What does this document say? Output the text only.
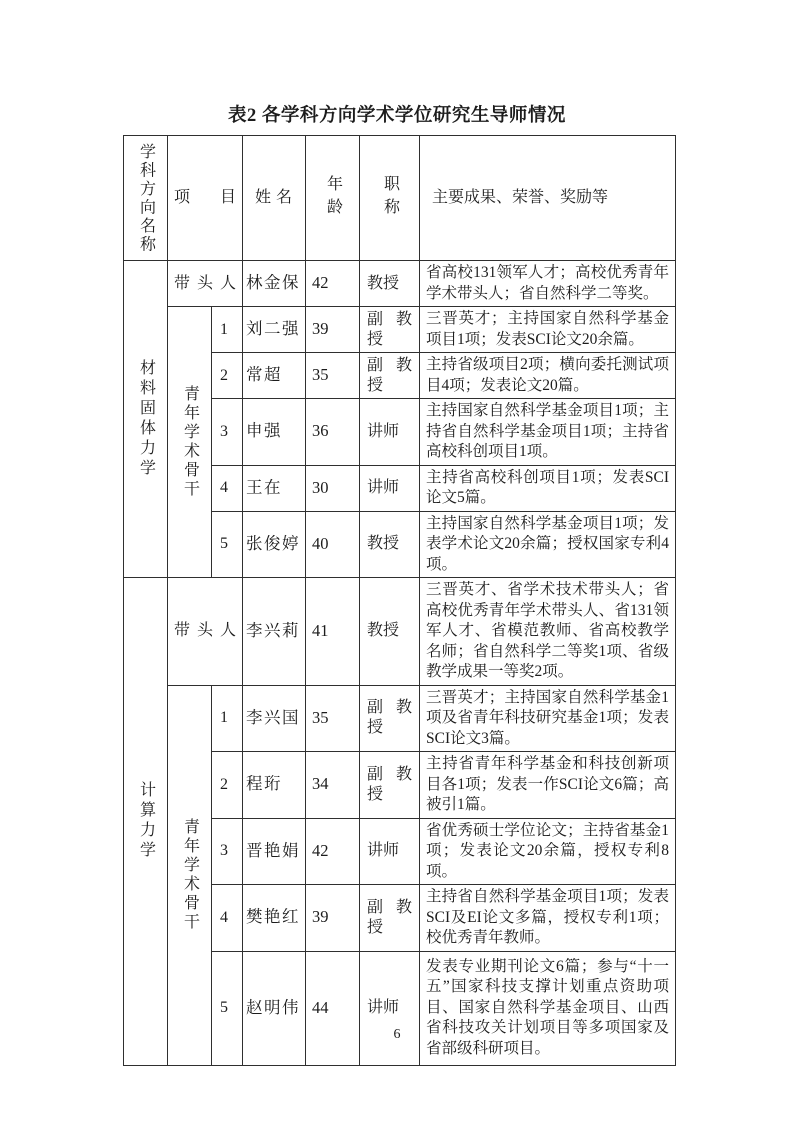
表2 各学科方向学术学位研究生导师情况
学科方向名称 项目 姓名 年龄	职称 主要成果、荣誉、奖励等
材料固体力学
带头人 林金保 42 教授
省高校131领军人才；高校优秀青年学术带头人；省自然科学二等奖。
青年学术骨干
1 刘二强 39
副教授
三晋英才；主持国家自然科学基金项目1项；发表SCI论文20余篇。
2 常超 35
副教授
主持省级项目2项；横向委托测试项目4项；发表论文20篇。
3 申强 36 讲师
主持国家自然科学基金项目1项；主持省自然科学基金项目1项；主持省高校科创项目1项。
4 王在 30 讲师
主持省高校科创项目1项；发表SCI论文5篇。
5 张俊婷 40 教授
主持国家自然科学基金项目1项；发表学术论文20余篇；授权国家专利4项。
计算力学
带头人 李兴莉 41 教授
三晋英才、省学术技术带头人；省高校优秀青年学术带头人、省131领军人才、省模范教师、省高校教学名师；省自然科学二等奖1项、省级教学成果一等奖2项。
青年学术骨干
1 李兴国 35
副教授
三晋英才；主持国家自然科学基金1项及省青年科技研究基金1项；发表SCI论文3篇。
2 程珩 34
副教授
主持省青年科学基金和科技创新项目各1项；发表一作SCI论文6篇；高被引1篇。
3 晋艳娟 42 讲师
省优秀硕士学位论文；主持省基金1项；发表论文20余篇，授权专利8项。
4 樊艳红 39
副教授
主持省自然科学基金项目1项；发表SCI及EI论文多篇，授权专利1项；校优秀青年教师。
5 赵明伟 44 讲师
发表专业期刊论文6篇；参与“十一五”国家科技支撑计划重点资助项目、国家自然科学基金项目、山西省科技攻关计划项目等多项国家及省部级科研项目。
6
